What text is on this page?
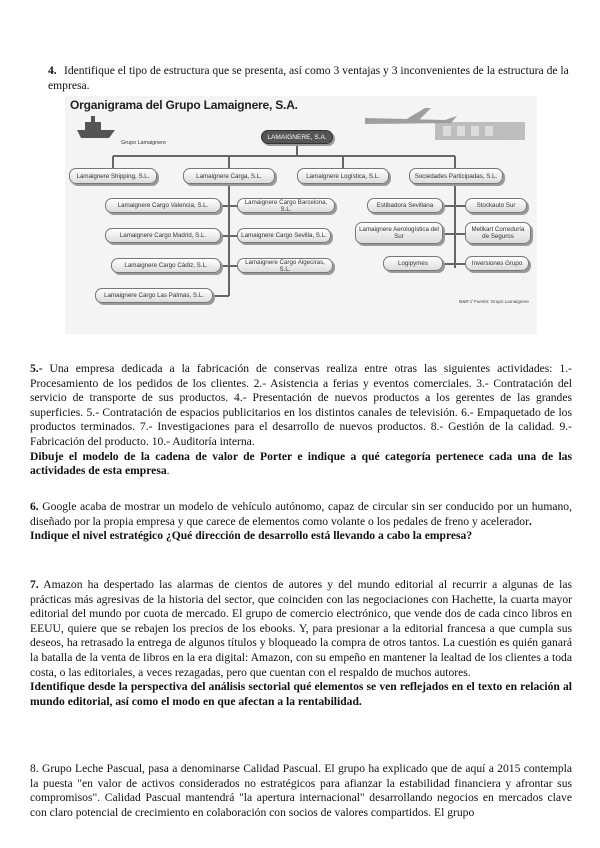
4. Identifique el tipo de estructura que se presenta, así como 3 ventajas y 3 inconvenientes de la estructura de la empresa.
Organigrama del Grupo Lamaignere, S.A.
Grupo Lamaignere
LAMAIGNERE, S.A.
Lamaignere Shipping, S.L.	Lamaignere Carga, S.L.	Lamaignere Logística, S.L.	Sociedades Participadas, S.L.
Lamaignere Cargo Valencia, S.L.
Lamaignere Cargo Madrid, S.L.
Lamaignere Cargo Cádiz, S.L.
Lamaignere Cargo Las Palmas, S.L.
Lamaignere Cargo Barcelona, S.L.
Lamaignere Cargo Sevilla, S.L.
Lamaignere Cargo Algeciras, S.L.
Estibadora Sevillana
Lamaignere Aerologística del Sur
Logipymes
Stockauto Sur
Mellkart Correduría de Seguros
Inversiones Grupo
B&R // Fuente: Grupo Lamaignere

5.- Una empresa dedicada a la fabricación de conservas realiza entre otras las siguientes actividades: 1.- Procesamiento de los pedidos de los clientes. 2.- Asistencia a ferias y eventos comerciales. 3.- Contratación del servicio de transporte de sus productos. 4.- Presentación de nuevos productos a los gerentes de las grandes superficies. 5.- Contratación de espacios publicitarios en los distintos canales de televisión. 6.- Empaquetado de los productos terminados. 7.- Investigaciones para el desarrollo de nuevos productos. 8.- Gestión de la calidad. 9.- Fabricación del producto. 10.- Auditoría interna.

Dibuje el modelo de la cadena de valor de Porter e indique a qué categoría pertenece cada una de las actividades de esta empresa.

6. Google acaba de mostrar un modelo de vehículo autónomo, capaz de circular sin ser conducido por un humano, diseñado por la propia empresa y que carece de elementos como volante o los pedales de freno y acelerador.

Indique el nivel estratégico ¿Qué dirección de desarrollo está llevando a cabo la empresa?

7. Amazon ha despertado las alarmas de cientos de autores y del mundo editorial al recurrir a algunas de las prácticas más agresivas de la historia del sector, que coinciden con las negociaciones con Hachette, la cuarta mayor editorial del mundo por cuota de mercado. El grupo de comercio electrónico, que vende dos de cada cinco libros en EEUU, quiere que se rebajen los precios de los ebooks. Y, para presionar a la editorial francesa a que cumpla sus deseos, ha retrasado la entrega de algunos títulos y bloqueado la compra de otros tantos. La cuestión es quién ganará la batalla de la venta de libros en la era digital: Amazon, con su empeño en mantener la lealtad de los clientes a toda costa, o las editoriales, a veces rezagadas, pero que cuentan con el respaldo de muchos autores.

Identifique desde la perspectiva del análisis sectorial qué elementos se ven reflejados en el texto en relación al mundo editorial, así como el modo en que afectan a la rentabilidad.

8. Grupo Leche Pascual, pasa a denominarse Calidad Pascual. El grupo ha explicado que de aquí a 2015 contempla la puesta "en valor de activos considerados no estratégicos para afianzar la estabilidad financiera y afrontar sus compromisos". Calidad Pascual mantendrá "la apertura internacional" desarrollando negocios en mercados clave con claro potencial de crecimiento en colaboración con socios de valores compartidos. El grupo
